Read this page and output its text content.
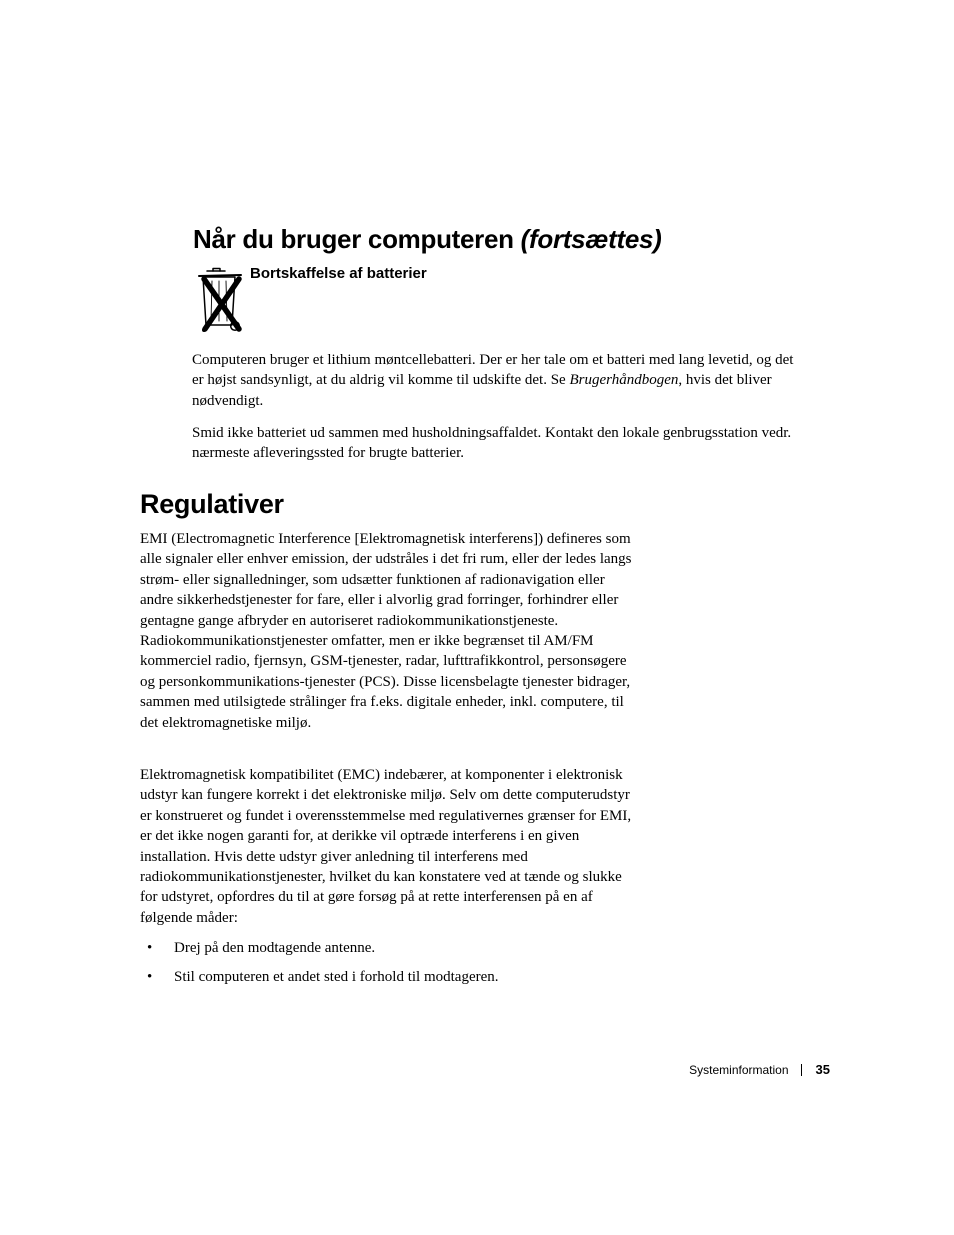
Når du bruger computeren (fortsættes)
Bortskaffelse af batterier

Computeren bruger et lithium møntcellebatteri. Der er her tale om et batteri med lang levetid, og det er højst sandsynligt, at du aldrig vil komme til udskifte det. Se Brugerhåndbogen, hvis det bliver nødvendigt.

Smid ikke batteriet ud sammen med husholdningsaffaldet. Kontakt den lokale genbrugsstation vedr. nærmeste afleveringssted for brugte batterier.

Regulativer

EMI (Electromagnetic Interference [Elektromagnetisk interferens]) defineres som alle signaler eller enhver emission, der udstråles i det fri rum, eller der ledes langs strøm- eller signalledninger, som udsætter funktionen af radionavigation eller andre sikkerhedstjenester for fare, eller i alvorlig grad forringer, forhindrer eller gentagne gange afbryder en autoriseret radiokommunikationstjeneste. Radiokommunikationstjenester omfatter, men er ikke begrænset til AM/FM kommerciel radio, fjernsyn, GSM-tjenester, radar, lufttrafikkontrol, personsøgere og personkommunikations-tjenester (PCS). Disse licensbelagte tjenester bidrager, sammen med utilsigtede strålinger fra f.eks. digitale enheder, inkl. computere, til det elektromagnetiske miljø.

Elektromagnetisk kompatibilitet (EMC) indebærer, at komponenter i elektronisk udstyr kan fungere korrekt i det elektroniske miljø. Selv om dette computerudstyr er konstrueret og fundet i overensstemmelse med regulativernes grænser for EMI, er det ikke nogen garanti for, at derikke vil optræde interferens i en given installation. Hvis dette udstyr giver anledning til interferens med radiokommunikationstjenester, hvilket du kan konstatere ved at tænde og slukke for udstyret, opfordres du til at gøre forsøg på at rette interferensen på en af følgende måder:

• Drej på den modtagende antenne.
• Stil computeren et andet sted i forhold til modtageren.
Systeminformation 35
